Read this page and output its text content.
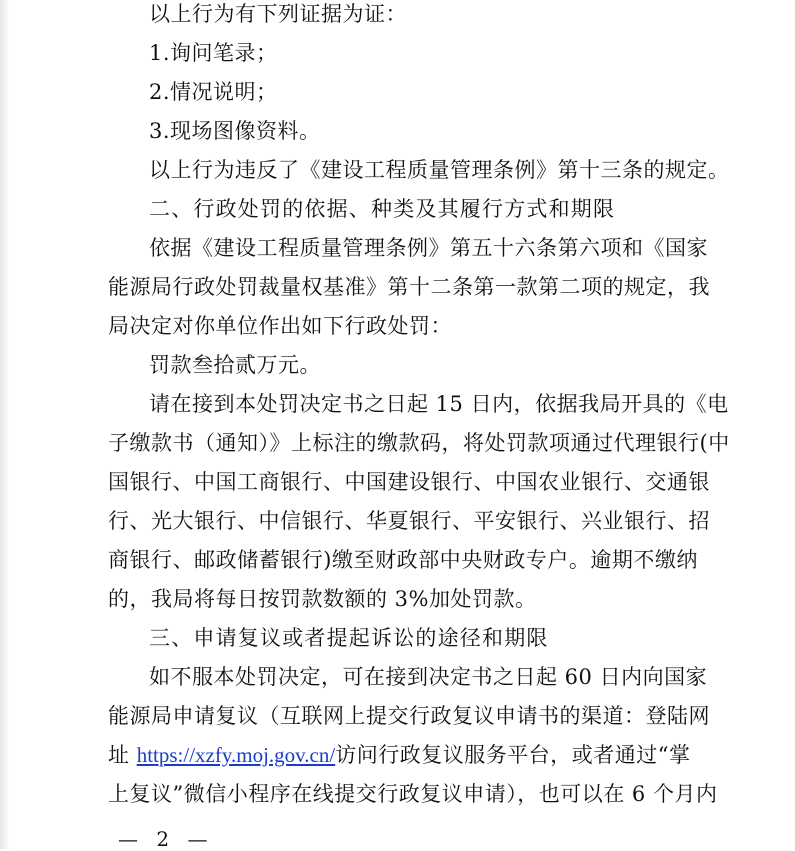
以上行为有下列证据为证：
1.询问笔录；
2.情况说明；
3.现场图像资料。
以上行为违反了《建设工程质量管理条例》第十三条的规定。
二、行政处罚的依据、种类及其履行方式和期限
依据《建设工程质量管理条例》第五十六条第六项和《国家
能源局行政处罚裁量权基准》第十二条第一款第二项的规定，我
局决定对你单位作出如下行政处罚：
罚款叁拾贰万元。
请在接到本处罚决定书之日起 15 日内，依据我局开具的《电
子缴款书（通知）》上标注的缴款码，将处罚款项通过代理银行(中
国银行、中国工商银行、中国建设银行、中国农业银行、交通银
行、光大银行、中信银行、华夏银行、平安银行、兴业银行、招
商银行、邮政储蓄银行)缴至财政部中央财政专户。逾期不缴纳
的，我局将每日按罚款数额的 3%加处罚款。
三、申请复议或者提起诉讼的途径和期限
如不服本处罚决定，可在接到决定书之日起 60 日内向国家
能源局申请复议（互联网上提交行政复议申请书的渠道：登陆网
址 https://xzfy.moj.gov.cn/访问行政复议服务平台，或者通过“掌
上复议”微信小程序在线提交行政复议申请），也可以在 6 个月内
— 2 —
